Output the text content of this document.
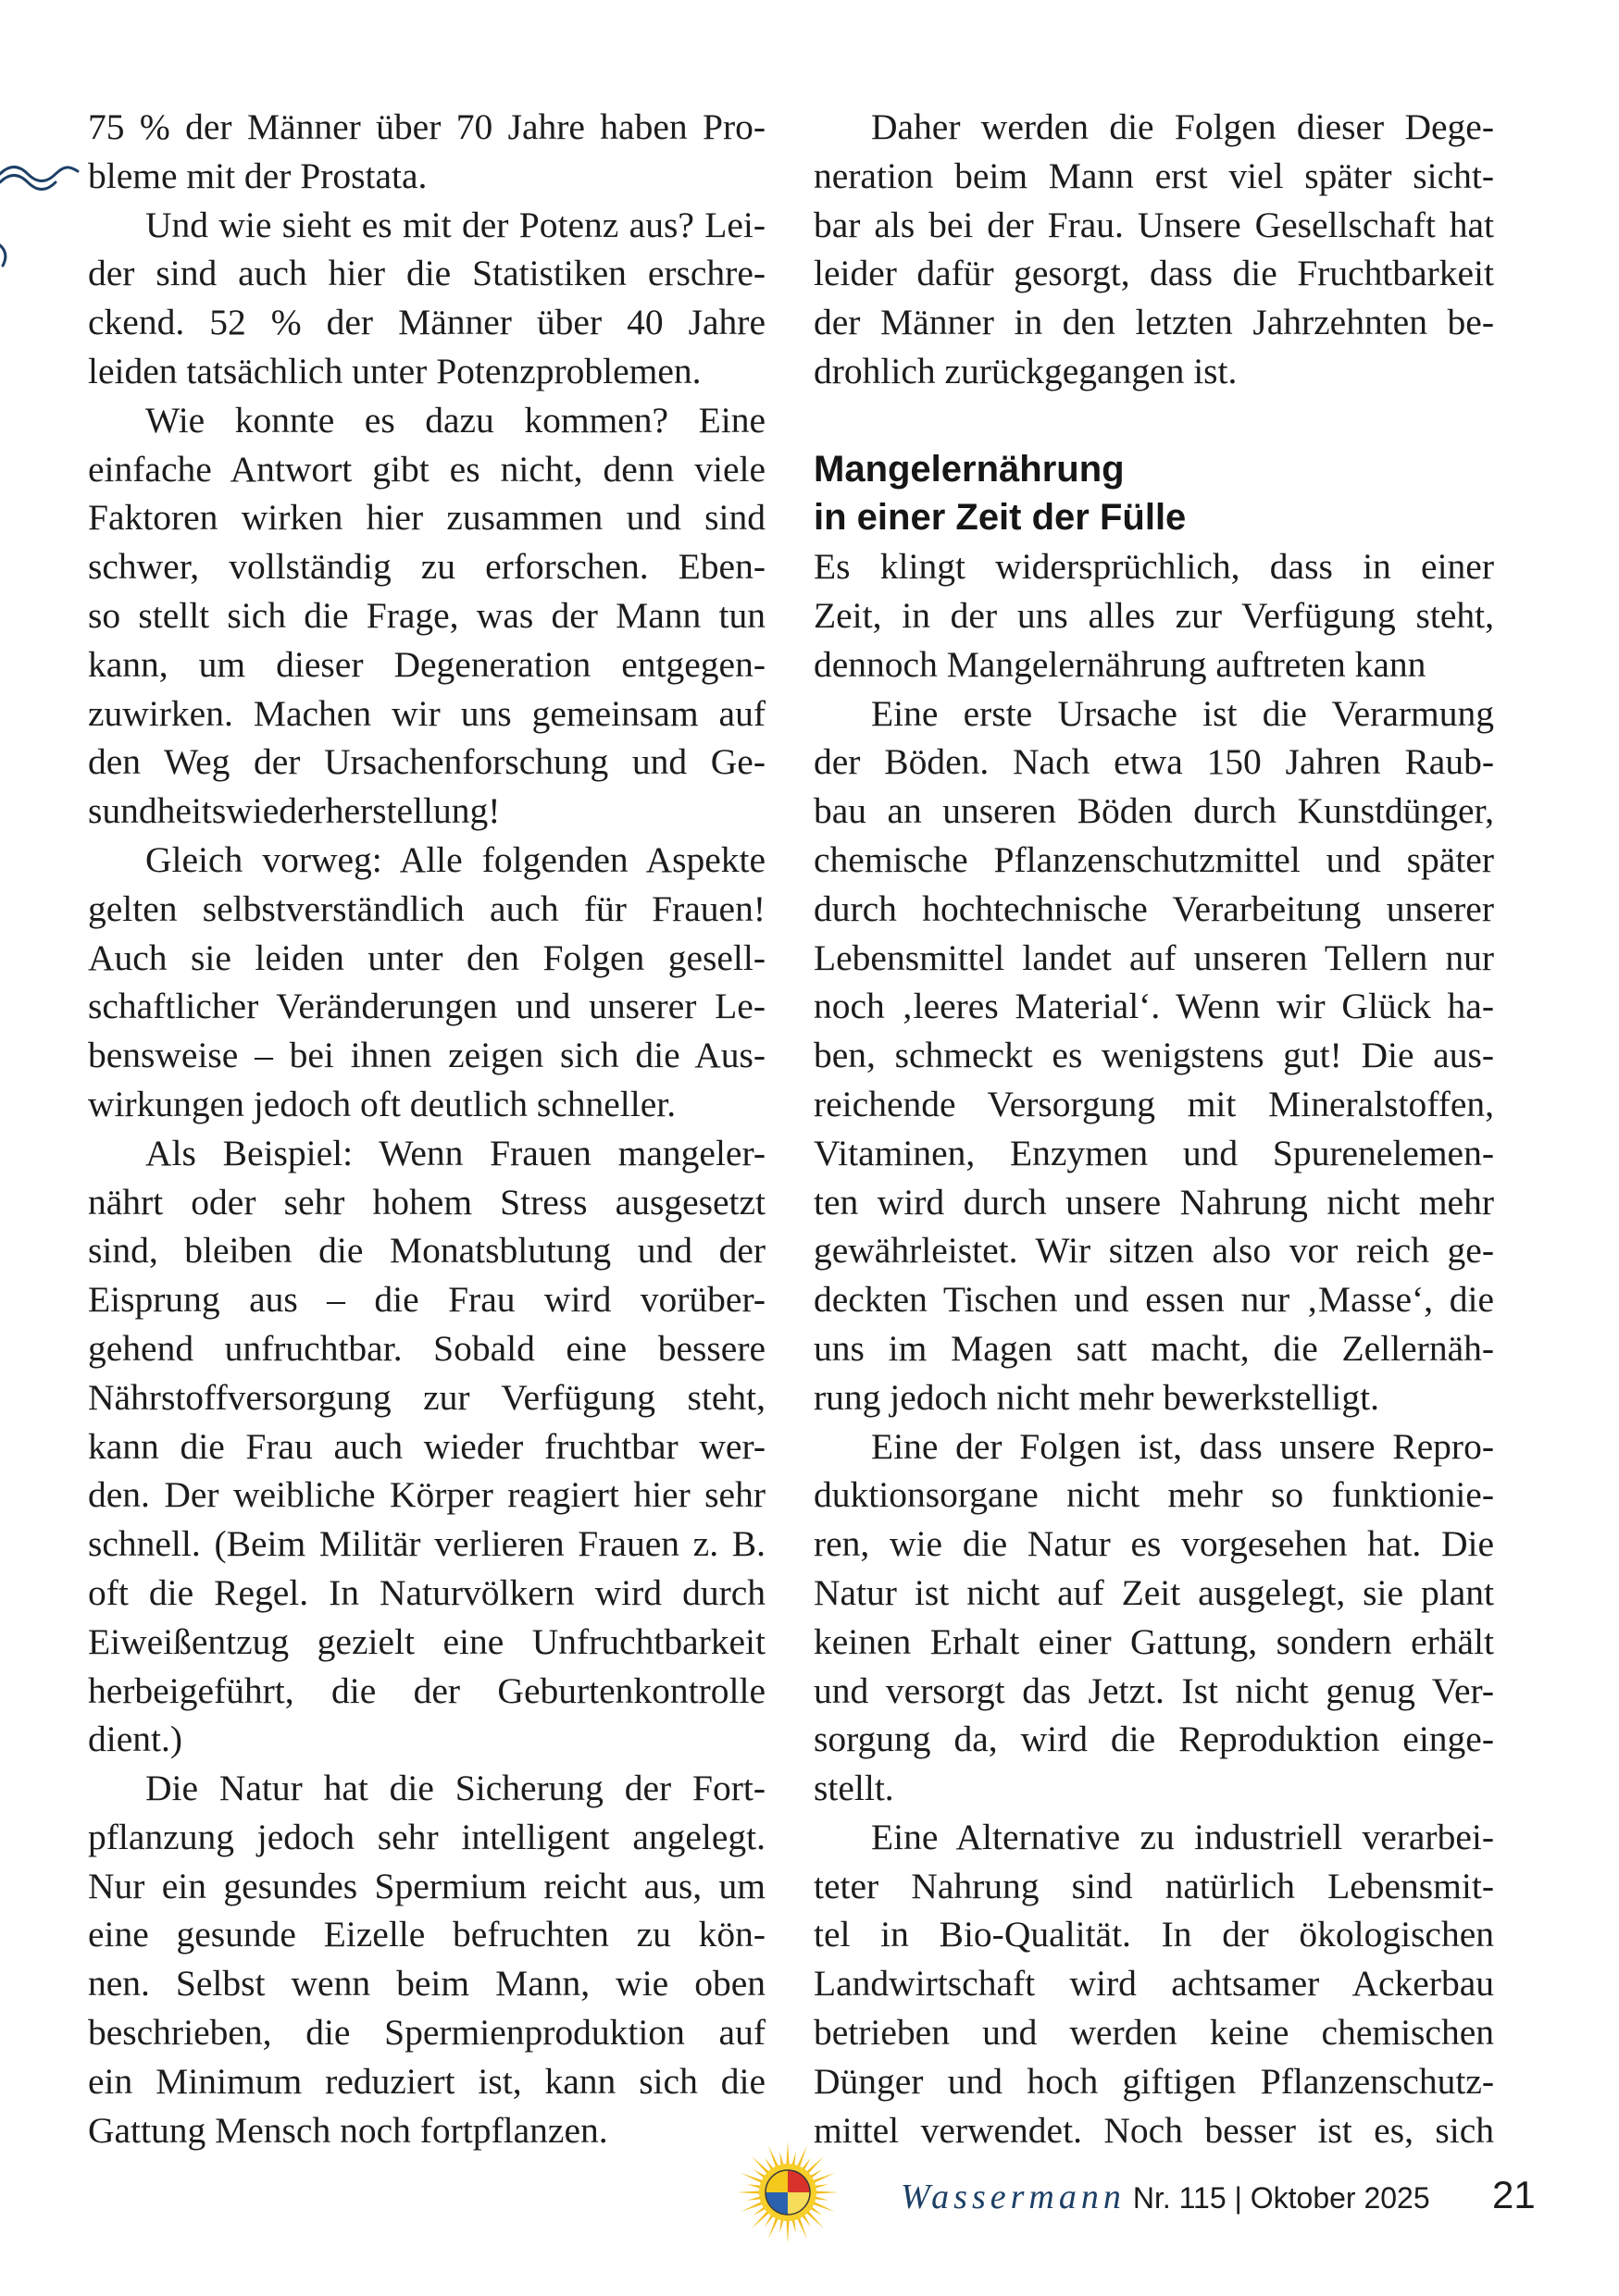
75 % der Männer über 70 Jahre haben Pro-
bleme mit der Prostata.
Und wie sieht es mit der Potenz aus? Lei-
der sind auch hier die Statistiken erschre-
ckend. 52 % der Männer über 40 Jahre
leiden tatsächlich unter Potenzproblemen.
Wie konnte es dazu kommen? Eine
einfache Antwort gibt es nicht, denn viele
Faktoren wirken hier zusammen und sind
schwer, vollständig zu erforschen. Eben-
so stellt sich die Frage, was der Mann tun
kann, um dieser Degeneration entgegen-
zuwirken. Machen wir uns gemeinsam auf
den Weg der Ursachenforschung und Ge-
sundheitswiederherstellung!
Gleich vorweg: Alle folgenden Aspekte
gelten selbstverständlich auch für Frauen!
Auch sie leiden unter den Folgen gesell-
schaftlicher Veränderungen und unserer Le-
bensweise – bei ihnen zeigen sich die Aus-
wirkungen jedoch oft deutlich schneller.
Als Beispiel: Wenn Frauen mangeler-
nährt oder sehr hohem Stress ausgesetzt
sind, bleiben die Monatsblutung und der
Eisprung aus – die Frau wird vorüber-
gehend unfruchtbar. Sobald eine bessere
Nährstoffversorgung zur Verfügung steht,
kann die Frau auch wieder fruchtbar wer-
den. Der weibliche Körper reagiert hier sehr
schnell. (Beim Militär verlieren Frauen z. B.
oft die Regel. In Naturvölkern wird durch
Eiweißentzug gezielt eine Unfruchtbarkeit
herbeigeführt, die der Geburtenkontrolle
dient.)
Die Natur hat die Sicherung der Fort-
pflanzung jedoch sehr intelligent angelegt.
Nur ein gesundes Spermium reicht aus, um
eine gesunde Eizelle befruchten zu kön-
nen. Selbst wenn beim Mann, wie oben
beschrieben, die Spermienproduktion auf
ein Minimum reduziert ist, kann sich die
Gattung Mensch noch fortpflanzen.
Daher werden die Folgen dieser Dege-
neration beim Mann erst viel später sicht-
bar als bei der Frau. Unsere Gesellschaft hat
leider dafür gesorgt, dass die Fruchtbarkeit
der Männer in den letzten Jahrzehnten be-
drohlich zurückgegangen ist.
Mangelernährung
in einer Zeit der Fülle
Es klingt widersprüchlich, dass in einer
Zeit, in der uns alles zur Verfügung steht,
dennoch Mangelernährung auftreten kann
Eine erste Ursache ist die Verarmung
der Böden. Nach etwa 150 Jahren Raub-
bau an unseren Böden durch Kunstdünger,
chemische Pflanzenschutzmittel und später
durch hochtechnische Verarbeitung unserer
Lebensmittel landet auf unseren Tellern nur
noch ‚leeres Material‘. Wenn wir Glück ha-
ben, schmeckt es wenigstens gut! Die aus-
reichende Versorgung mit Mineralstoffen,
Vitaminen, Enzymen und Spurenelemen-
ten wird durch unsere Nahrung nicht mehr
gewährleistet. Wir sitzen also vor reich ge-
deckten Tischen und essen nur ‚Masse‘, die
uns im Magen satt macht, die Zellernäh-
rung jedoch nicht mehr bewerkstelligt.
Eine der Folgen ist, dass unsere Repro-
duktionsorgane nicht mehr so funktionie-
ren, wie die Natur es vorgesehen hat. Die
Natur ist nicht auf Zeit ausgelegt, sie plant
keinen Erhalt einer Gattung, sondern erhält
und versorgt das Jetzt. Ist nicht genug Ver-
sorgung da, wird die Reproduktion einge-
stellt.
Eine Alternative zu industriell verarbei-
teter Nahrung sind natürlich Lebensmit-
tel in Bio-Qualität. In der ökologischen
Landwirtschaft wird achtsamer Ackerbau
betrieben und werden keine chemischen
Dünger und hoch giftigen Pflanzenschutz-
mittel verwendet. Noch besser ist es, sich
Wassermann Nr. 115 | Oktober 2025 21
